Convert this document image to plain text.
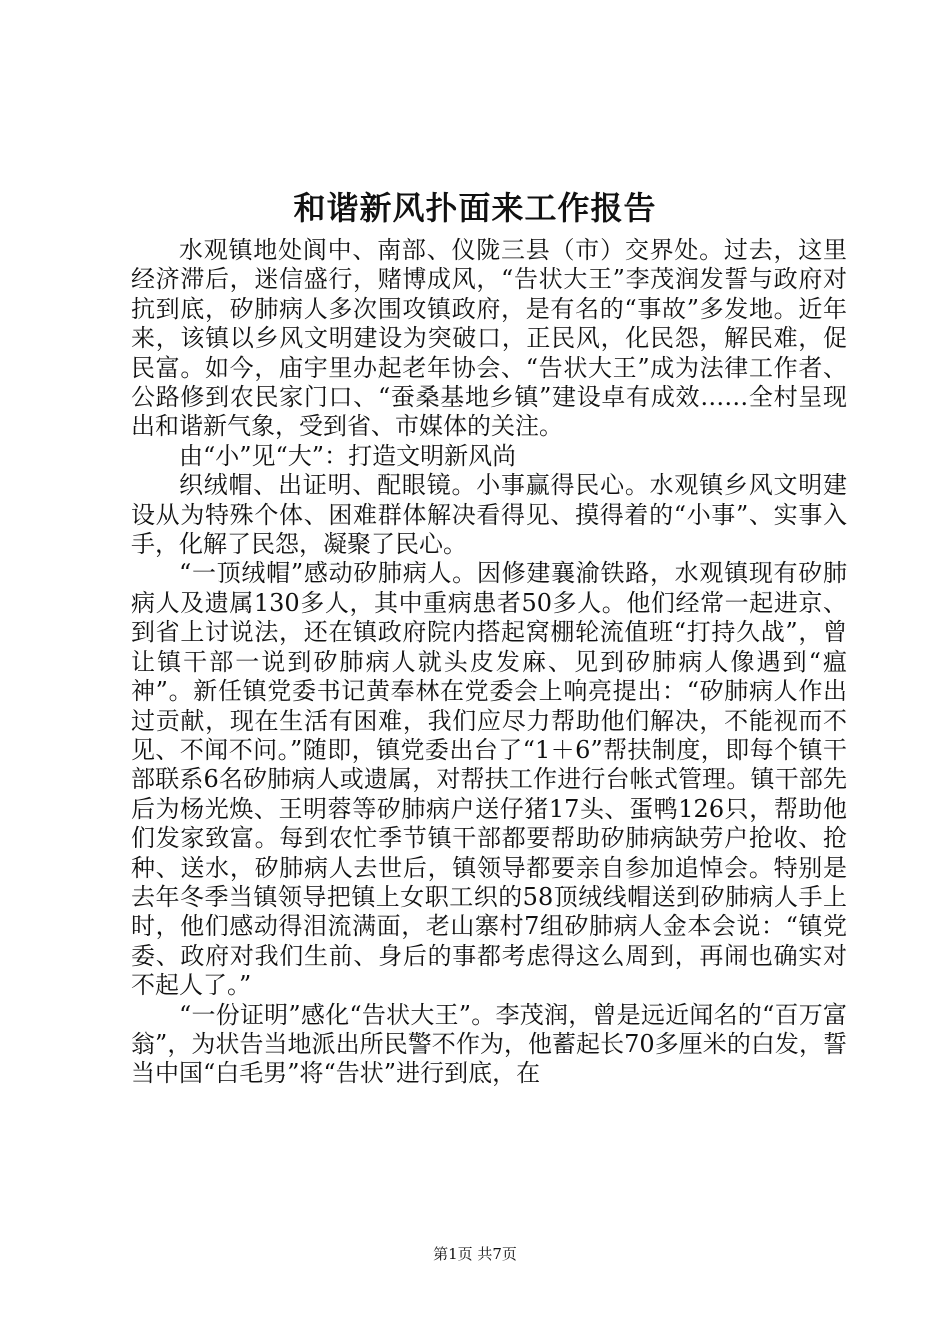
和谐新风扑面来工作报告

水观镇地处阆中、南部、仪陇三县（市）交界处。过去，这里经济滞后，迷信盛行，赌博成风，“告状大王”李茂润发誓与政府对抗到底，矽肺病人多次围攻镇政府，是有名的“事故”多发地。近年来，该镇以乡风文明建设为突破口，正民风，化民怨，解民难，促民富。如今，庙宇里办起老年协会、“告状大王”成为法律工作者、公路修到农民家门口、“蚕桑基地乡镇”建设卓有成效……全村呈现出和谐新气象，受到省、市媒体的关注。

由“小”见“大”：打造文明新风尚

织绒帽、出证明、配眼镜。小事赢得民心。水观镇乡风文明建设从为特殊个体、困难群体解决看得见、摸得着的“小事”、实事入手，化解了民怨，凝聚了民心。

“一顶绒帽”感动矽肺病人。因修建襄渝铁路，水观镇现有矽肺病人及遗属130多人，其中重病患者50多人。他们经常一起进京、到省上讨说法，还在镇政府院内搭起窝棚轮流值班“打持久战”，曾让镇干部一说到矽肺病人就头皮发麻、见到矽肺病人像遇到“瘟神”。新任镇党委书记黄奉林在党委会上响亮提出：“矽肺病人作出过贡献，现在生活有困难，我们应尽力帮助他们解决，不能视而不见、不闻不问。”随即，镇党委出台了“1＋6”帮扶制度，即每个镇干部联系6名矽肺病人或遗属，对帮扶工作进行台帐式管理。镇干部先后为杨光焕、王明蓉等矽肺病户送仔猪17头、蛋鸭126只，帮助他们发家致富。每到农忙季节镇干部都要帮助矽肺病缺劳户抢收、抢种、送水，矽肺病人去世后，镇领导都要亲自参加追悼会。特别是去年冬季当镇领导把镇上女职工织的58顶绒线帽送到矽肺病人手上时，他们感动得泪流满面，老山寨村7组矽肺病人金本会说：“镇党委、政府对我们生前、身后的事都考虑得这么周到，再闹也确实对不起人了。”

“一份证明”感化“告状大王”。李茂润，曾是远近闻名的“百万富翁”，为状告当地派出所民警不作为，他蓄起长70多厘米的白发，誓当中国“白毛男”将“告状”进行到底，在

第1页 共7页
